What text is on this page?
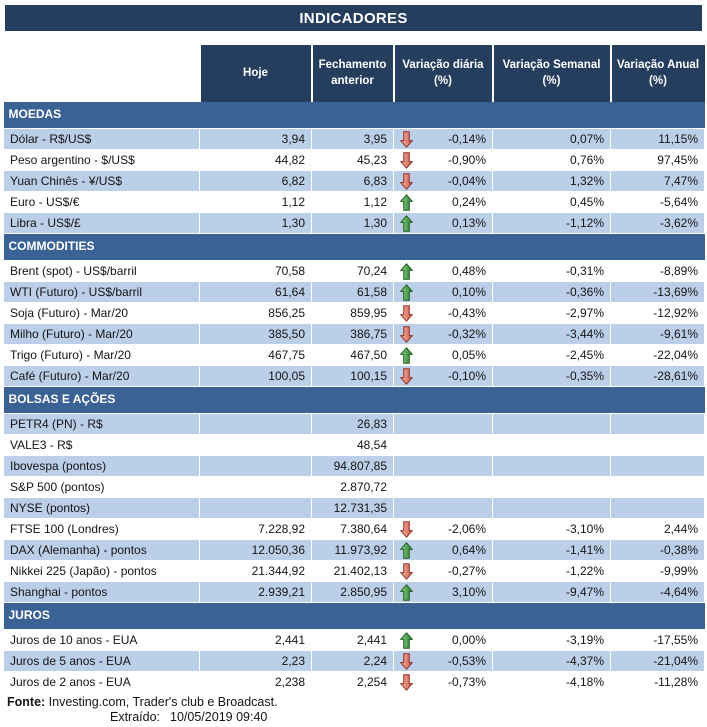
INDICADORES
	Hoje	Fechamento anterior	Variação diária (%)	Variação Semanal (%)	Variação Anual (%)
MOEDAS					
Dólar - R$/US$	3,94	3,95	-0,14%	0,07%	11,15%
Peso argentino - $/US$	44,82	45,23	-0,90%	0,76%	97,45%
Yuan Chinês - ¥/US$	6,82	6,83	-0,04%	1,32%	7,47%
Euro - US$/€	1,12	1,12	0,24%	0,45%	-5,64%
Libra - US$/£	1,30	1,30	0,13%	-1,12%	-3,62%
COMMODITIES					
Brent (spot) - US$/barril	70,58	70,24	0,48%	-0,31%	-8,89%
WTI (Futuro) - US$/barril	61,64	61,58	0,10%	-0,36%	-13,69%
Soja (Futuro) - Mar/20	856,25	859,95	-0,43%	-2,97%	-12,92%
Milho (Futuro) - Mar/20	385,50	386,75	-0,32%	-3,44%	-9,61%
Trigo (Futuro) - Mar/20	467,75	467,50	0,05%	-2,45%	-22,04%
Café (Futuro) - Mar/20	100,05	100,15	-0,10%	-0,35%	-28,61%
BOLSAS E AÇÕES					
PETR4 (PN) - R$		26,83	

VALE3 - R$		48,54	

Ibovespa (pontos)		94.807,85	

S&P 500 (pontos)		2.870,72	

NYSE (pontos)		12.731,35	

FTSE 100 (Londres)	7.228,92	7.380,64	-2,06%	-3,10%	2,44%
DAX (Alemanha) - pontos	12.050,36	11.973,92	0,64%	-1,41%	-0,38%
Nikkei 225 (Japão) - pontos	21.344,92	21.402,13	-0,27%	-1,22%	-9,99%
Shanghai - pontos	2.939,21	2.850,95	3,10%	-9,47%	-4,64%
JUROS					
Juros de 10 anos - EUA	2,441	2,441	0,00%	-3,19%	-17,55%
Juros de 5 anos - EUA	2,23	2,24	-0,53%	-4,37%	-21,04%
Juros de 2 anos - EUA	2,238	2,254	-0,73%	-4,18%	-11,28%
Fonte: Investing.com, Trader's club e Broadcast.
Extraído: 10/05/2019 09:40
